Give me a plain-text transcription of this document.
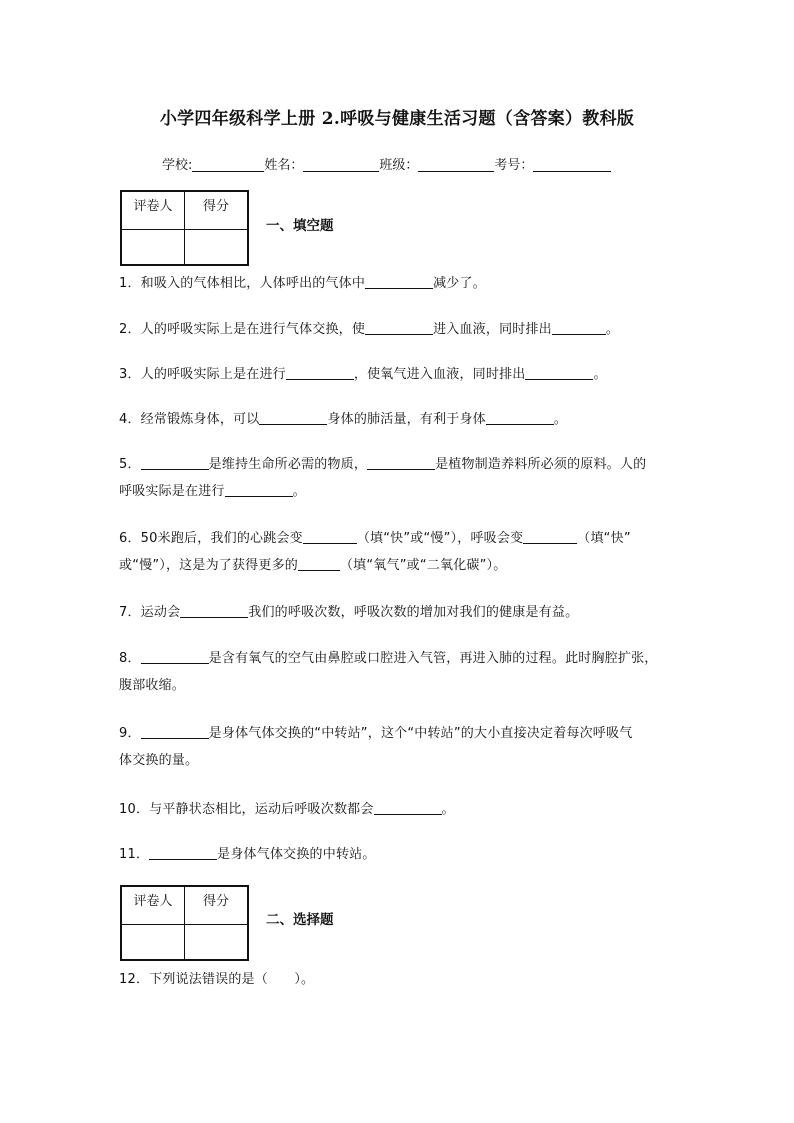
小学四年级科学上册 2.呼吸与健康生活习题（含答案）教科版
学校:	姓名：	班级：	考号：
评卷人	得分

一、填空题
1．和吸入的气体相比，人体呼出的气体中	减少了。
2．人的呼吸实际上是在进行气体交换，使	进入血液，同时排出	。
3．人的呼吸实际上是在进行	，使氧气进入血液，同时排出	。
4．经常锻炼身体，可以	身体的肺活量，有利于身体	。
5．	是维持生命所必需的物质，	是植物制造养料所必须的原料。人的
呼吸实际是在进行	。
6．50米跑后，我们的心跳会变	（填“快”或“慢”），呼吸会变	（填“快”
或“慢”），这是为了获得更多的	（填“氧气”或“二氧化碳”）。
7．运动会	我们的呼吸次数，呼吸次数的增加对我们的健康是有益。
8．	是含有氧气的空气由鼻腔或口腔进入气管，再进入肺的过程。此时胸腔扩张，
腹部收缩。
9．	是身体气体交换的“中转站”，这个“中转站”的大小直接决定着每次呼吸气
体交换的量。
10．与平静状态相比，运动后呼吸次数都会	。
11．	是身体气体交换的中转站。
评卷人	得分

二、选择题
12．下列说法错误的是（　　）。
